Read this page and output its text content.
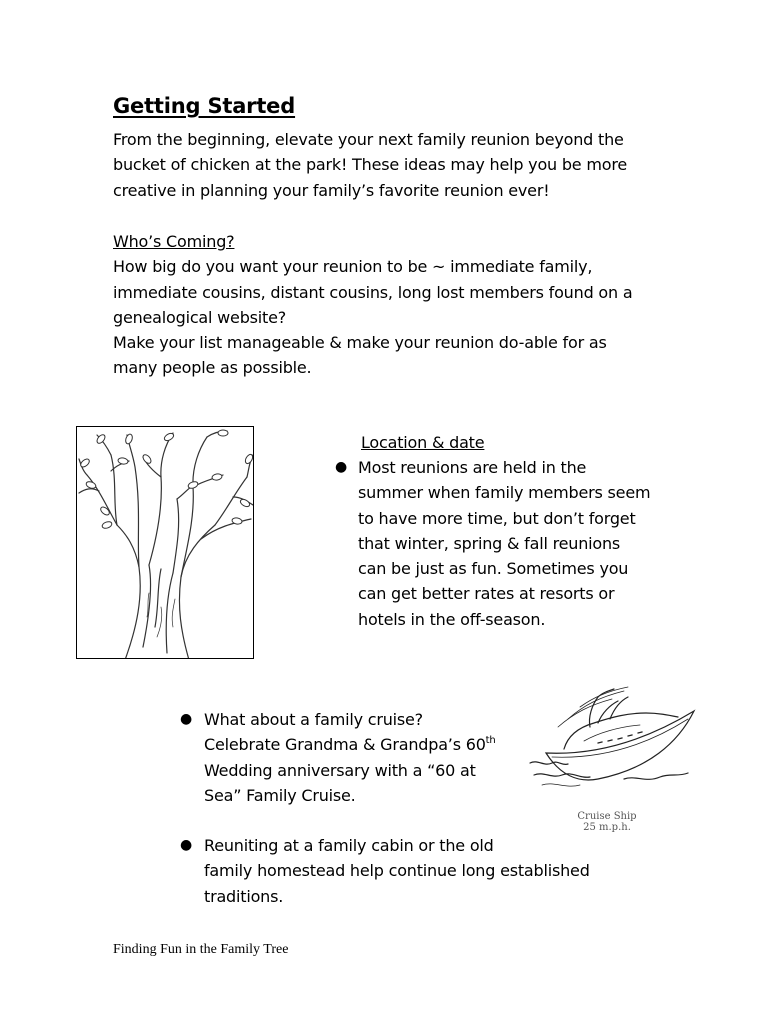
Getting Started
From the beginning, elevate your next family reunion beyond the
bucket of chicken at the park! These ideas may help you be more
creative in planning your family’s favorite reunion ever!
Who’s Coming?
How big do you want your reunion to be ~ immediate family,
immediate cousins, distant cousins, long lost members found on a
genealogical website?
Make your list manageable & make your reunion do-able for as
many people as possible.
Location & date
● Most reunions are held in the
summer when family members seem
to have more time, but don’t forget
that winter, spring & fall reunions
can be just as fun. Sometimes you
can get better rates at resorts or
hotels in the off-season.
● What about a family cruise?
Celebrate Grandma & Grandpa’s 60th
Wedding anniversary with a “60 at
Sea” Family Cruise.
Cruise Ship
25 m.p.h.
● Reuniting at a family cabin or the old
family homestead help continue long established
traditions.
Finding Fun in the Family Tree
